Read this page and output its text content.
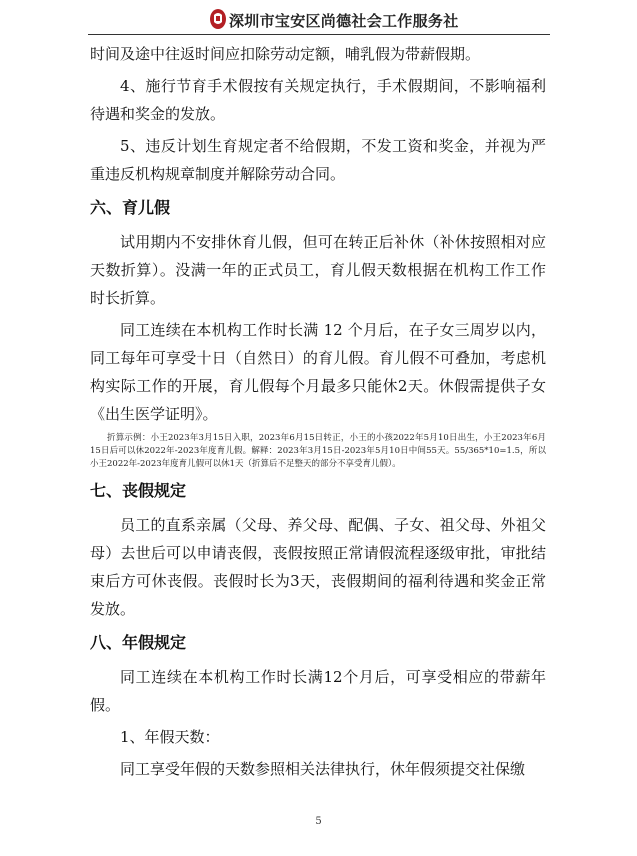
深圳市宝安区尚德社会工作服务社

时间及途中往返时间应扣除劳动定额，哺乳假为带薪假期。

4、施行节育手术假按有关规定执行，手术假期间，不影响福利待遇和奖金的发放。

5、违反计划生育规定者不给假期，不发工资和奖金，并视为严重违反机构规章制度并解除劳动合同。

六、育儿假

试用期内不安排休育儿假，但可在转正后补休（补休按照相对应天数折算）。没满一年的正式员工，育儿假天数根据在机构工作工作时长折算。

同工连续在本机构工作时长满 12 个月后，在子女三周岁以内，同工每年可享受十日（自然日）的育儿假。育儿假不可叠加，考虑机构实际工作的开展，育儿假每个月最多只能休2天。休假需提供子女《出生医学证明》。

折算示例：小王2023年3月15日入职，2023年6月15日转正，小王的小孩2022年5月10日出生，小王2023年6月15日后可以休2022年-2023年度育儿假。解释：2023年3月15日-2023年5月10日中间55天。55/365*10=1.5，所以小王2022年-2023年度育儿假可以休1天（折算后不足整天的部分不享受育儿假）。

七、丧假规定

员工的直系亲属（父母、养父母、配偶、子女、祖父母、外祖父母）去世后可以申请丧假，丧假按照正常请假流程逐级审批，审批结束后方可休丧假。丧假时长为3天，丧假期间的福利待遇和奖金正常发放。

八、年假规定

同工连续在本机构工作时长满12个月后，可享受相应的带薪年假。

1、年假天数：

同工享受年假的天数参照相关法律执行，休年假须提交社保缴

5
